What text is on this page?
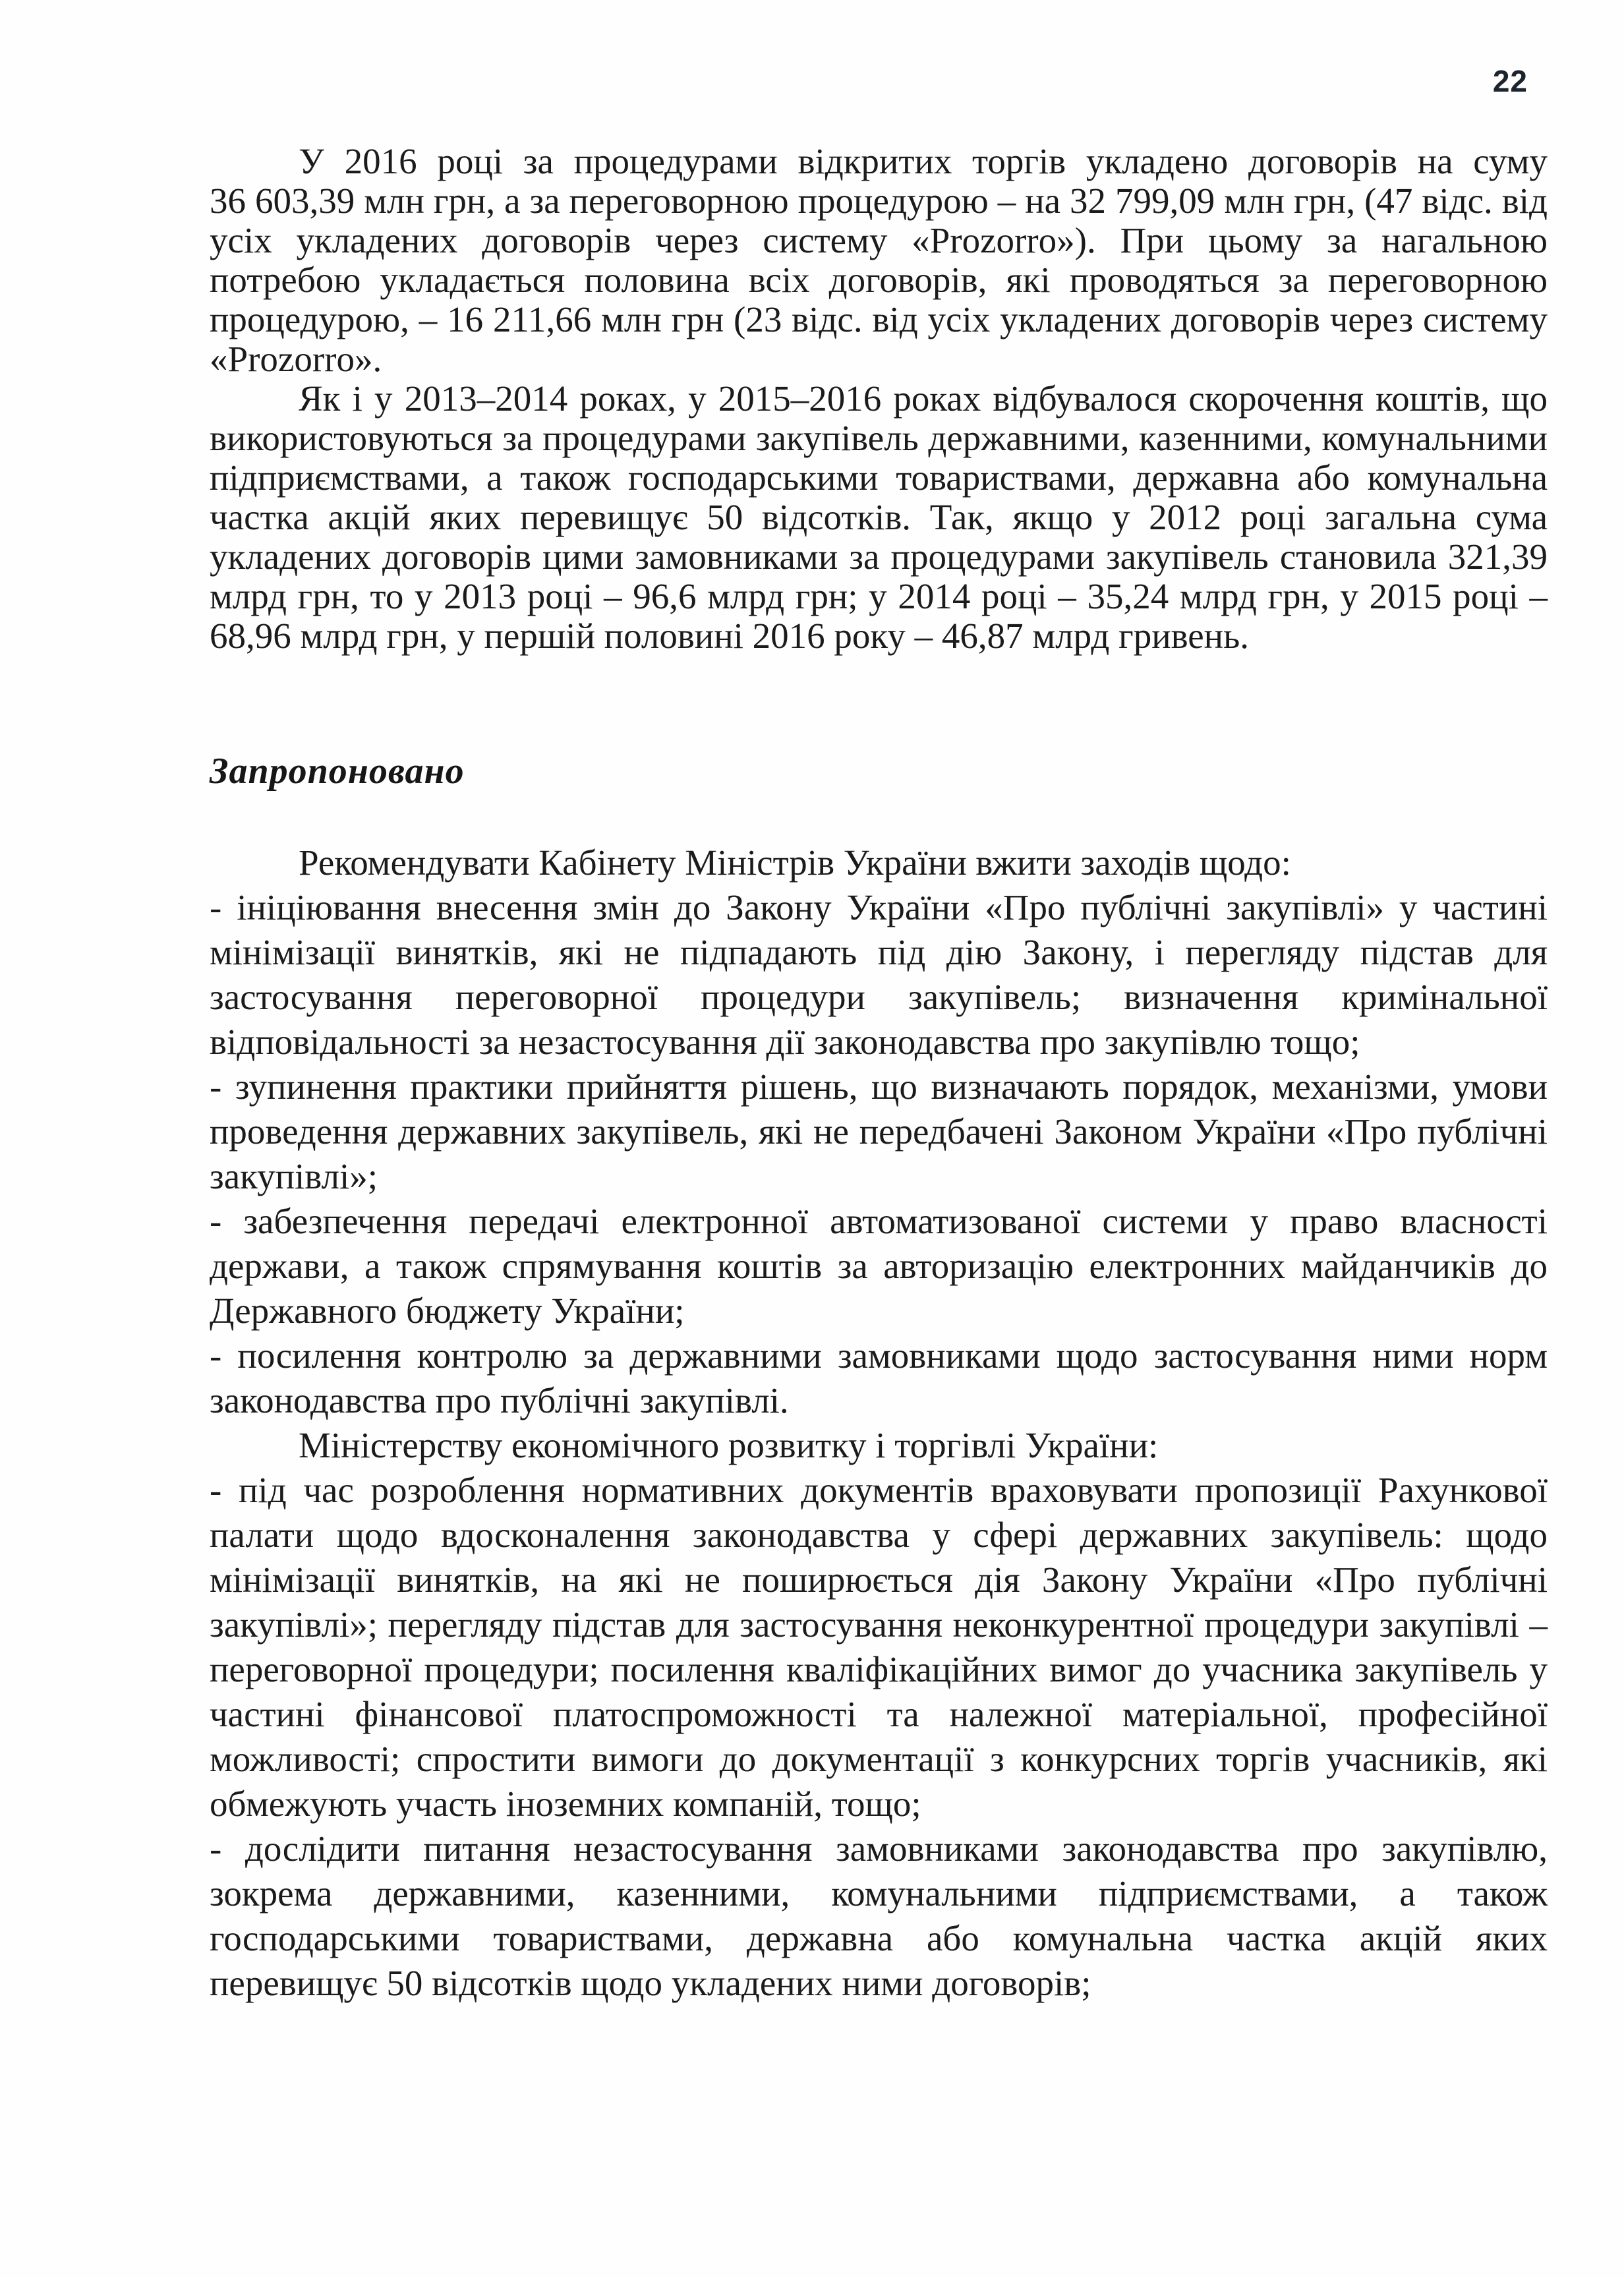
22

У 2016 році за процедурами відкритих торгів укладено договорів на суму 36 603,39 млн грн, а за переговорною процедурою – на 32 799,09 млн грн, (47 відс. від усіх укладених договорів через систему «Prozorro»). При цьому за нагальною потребою укладається половина всіх договорів, які проводяться за переговорною процедурою, – 16 211,66 млн грн (23 відс. від усіх укладених договорів через систему «Prozorro».

Як і у 2013–2014 роках, у 2015–2016 роках відбувалося скорочення коштів, що використовуються за процедурами закупівель державними, казенними, комунальними підприємствами, а також господарськими товариствами, державна або комунальна частка акцій яких перевищує 50 відсотків. Так, якщо у 2012 році загальна сума укладених договорів цими замовниками за процедурами закупівель становила 321,39 млрд грн, то у 2013 році – 96,6 млрд грн; у 2014 році – 35,24 млрд грн, у 2015 році – 68,96 млрд грн, у першій половині 2016 року – 46,87 млрд гривень.

Запропоновано

Рекомендувати Кабінету Міністрів України вжити заходів щодо:

- ініціювання внесення змін до Закону України «Про публічні закупівлі» у частині мінімізації винятків, які не підпадають під дію Закону, і перегляду підстав для застосування переговорної процедури закупівель; визначення кримінальної відповідальності за незастосування дії законодавства про закупівлю тощо;

- зупинення практики прийняття рішень, що визначають порядок, механізми, умови проведення державних закупівель, які не передбачені Законом України «Про публічні закупівлі»;

- забезпечення передачі електронної автоматизованої системи у право власності держави, а також спрямування коштів за авторизацію електронних майданчиків до Державного бюджету України;

- посилення контролю за державними замовниками щодо застосування ними норм законодавства про публічні закупівлі.

Міністерству економічного розвитку і торгівлі України:

- під час розроблення нормативних документів враховувати пропозиції Рахункової палати щодо вдосконалення законодавства у сфері державних закупівель: щодо мінімізації винятків, на які не поширюється дія Закону України «Про публічні закупівлі»; перегляду підстав для застосування неконкурентної процедури закупівлі – переговорної процедури; посилення кваліфікаційних вимог до учасника закупівель у частині фінансової платоспроможності та належної матеріальної, професійної можливості; спростити вимоги до документації з конкурсних торгів учасників, які обмежують участь іноземних компаній, тощо;

- дослідити питання незастосування замовниками законодавства про закупівлю, зокрема державними, казенними, комунальними підприємствами, а також господарськими товариствами, державна або комунальна частка акцій яких перевищує 50 відсотків щодо укладених ними договорів;
